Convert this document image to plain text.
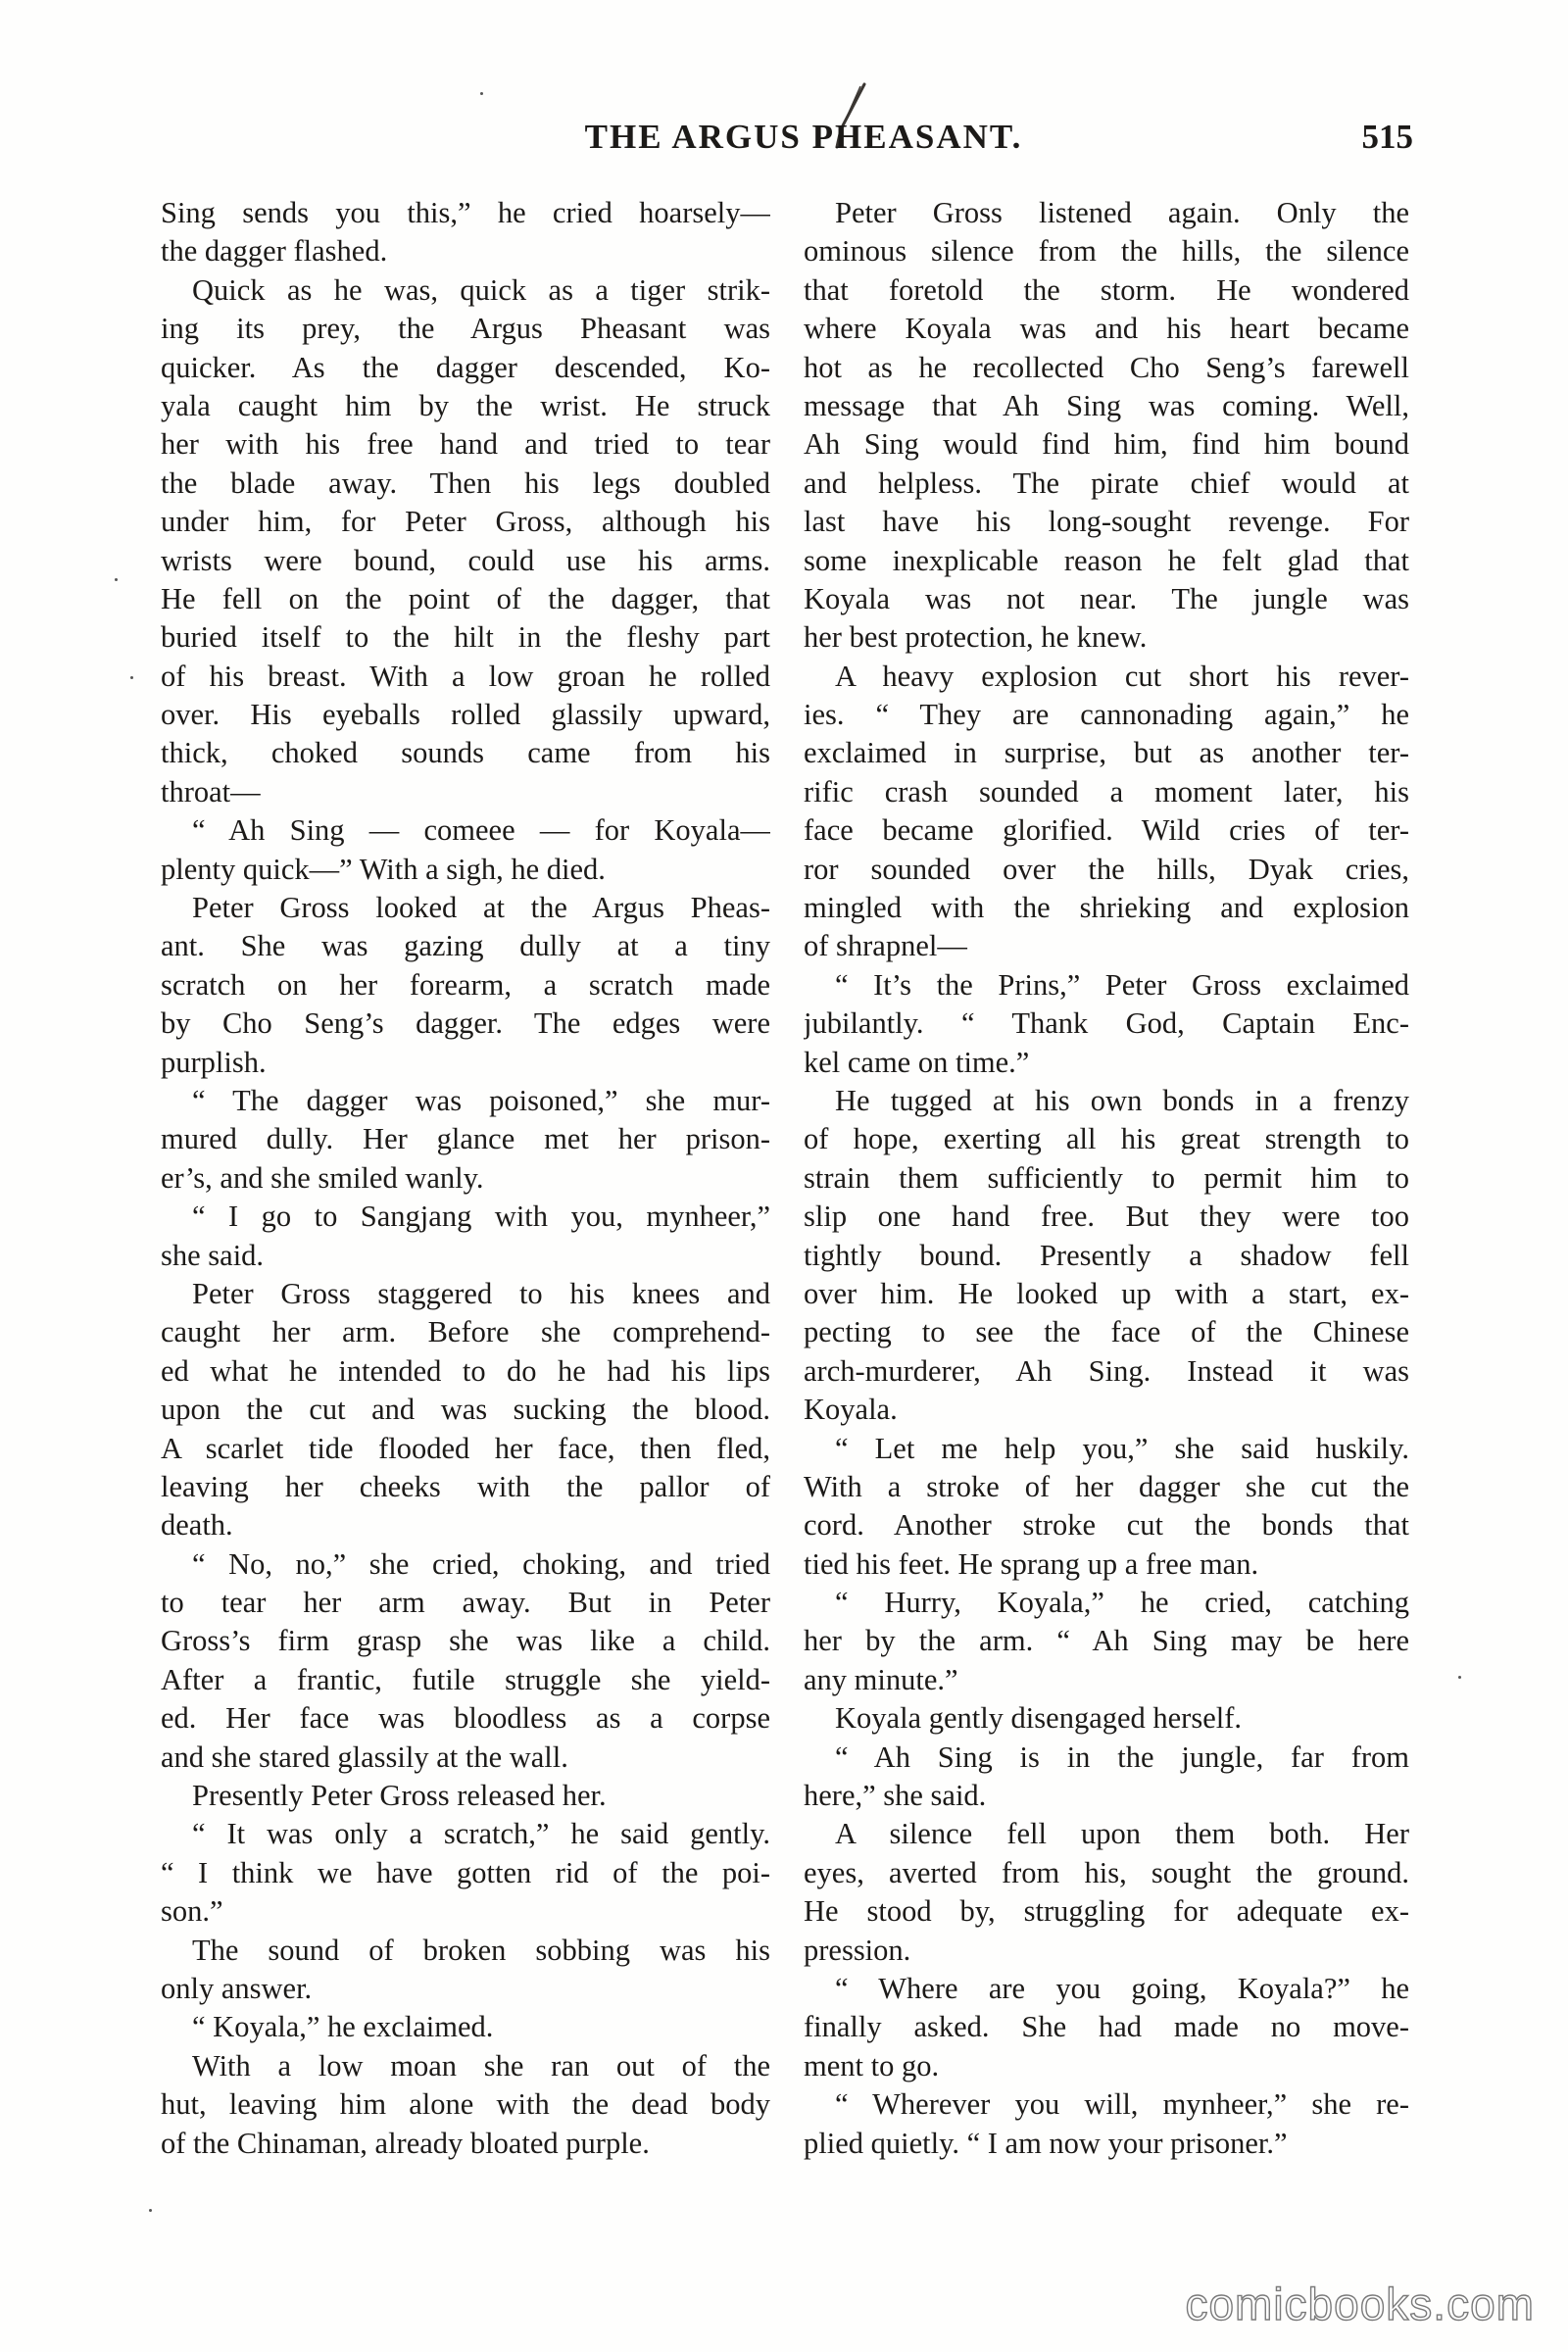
THE ARGUS PHEASANT.	515
Sing sends you this,” he cried hoarsely—
the dagger flashed.
Quick as he was, quick as a tiger strik-
ing its prey, the Argus Pheasant was
quicker. As the dagger descended, Ko-
yala caught him by the wrist. He struck
her with his free hand and tried to tear
the blade away. Then his legs doubled
under him, for Peter Gross, although his
wrists were bound, could use his arms.
He fell on the point of the dagger, that
buried itself to the hilt in the fleshy part
of his breast. With a low groan he rolled
over. His eyeballs rolled glassily upward,
thick, choked sounds came from his
throat—
“ Ah Sing — comeee — for Koyala—
plenty quick—” With a sigh, he died.
Peter Gross looked at the Argus Pheas-
ant. She was gazing dully at a tiny
scratch on her forearm, a scratch made
by Cho Seng’s dagger. The edges were
purplish.
“ The dagger was poisoned,” she mur-
mured dully. Her glance met her prison-
er’s, and she smiled wanly.
“ I go to Sangjang with you, mynheer,”
she said.
Peter Gross staggered to his knees and
caught her arm. Before she comprehend-
ed what he intended to do he had his lips
upon the cut and was sucking the blood.
A scarlet tide flooded her face, then fled,
leaving her cheeks with the pallor of
death.
“ No, no,” she cried, choking, and tried
to tear her arm away. But in Peter
Gross’s firm grasp she was like a child.
After a frantic, futile struggle she yield-
ed. Her face was bloodless as a corpse
and she stared glassily at the wall.
Presently Peter Gross released her.
“ It was only a scratch,” he said gently.
“ I think we have gotten rid of the poi-
son.”
The sound of broken sobbing was his
only answer.
“ Koyala,” he exclaimed.
With a low moan she ran out of the
hut, leaving him alone with the dead body
of the Chinaman, already bloated purple.
Peter Gross listened again. Only the
ominous silence from the hills, the silence
that foretold the storm. He wondered
where Koyala was and his heart became
hot as he recollected Cho Seng’s farewell
message that Ah Sing was coming. Well,
Ah Sing would find him, find him bound
and helpless. The pirate chief would at
last have his long-sought revenge. For
some inexplicable reason he felt glad that
Koyala was not near. The jungle was
her best protection, he knew.
A heavy explosion cut short his rever-
ies. “ They are cannonading again,” he
exclaimed in surprise, but as another ter-
rific crash sounded a moment later, his
face became glorified. Wild cries of ter-
ror sounded over the hills, Dyak cries,
mingled with the shrieking and explosion
of shrapnel—
“ It’s the Prins,” Peter Gross exclaimed
jubilantly. “ Thank God, Captain Enc-
kel came on time.”
He tugged at his own bonds in a frenzy
of hope, exerting all his great strength to
strain them sufficiently to permit him to
slip one hand free. But they were too
tightly bound. Presently a shadow fell
over him. He looked up with a start, ex-
pecting to see the face of the Chinese
arch-murderer, Ah Sing. Instead it was
Koyala.
“ Let me help you,” she said huskily.
With a stroke of her dagger she cut the
cord. Another stroke cut the bonds that
tied his feet. He sprang up a free man.
“ Hurry, Koyala,” he cried, catching
her by the arm. “ Ah Sing may be here
any minute.”
Koyala gently disengaged herself.
“ Ah Sing is in the jungle, far from
here,” she said.
A silence fell upon them both. Her
eyes, averted from his, sought the ground.
He stood by, struggling for adequate ex-
pression.
“ Where are you going, Koyala?” he
finally asked. She had made no move-
ment to go.
“ Wherever you will, mynheer,” she re-
plied quietly. “ I am now your prisoner.”
comicbooks.com
